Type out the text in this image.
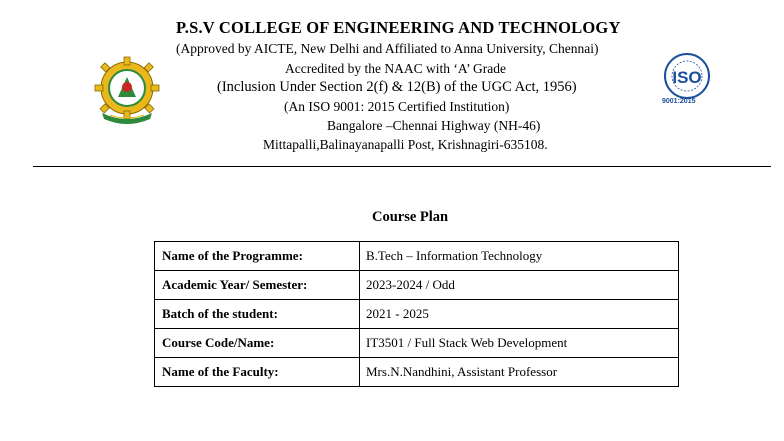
ISO
9001:2015
P.S.V COLLEGE OF ENGINEERING AND TECHNOLOGY
(Approved by AICTE, New Delhi and Affiliated to Anna University, Chennai)
Accredited by the NAAC with ‘A’ Grade
(Inclusion Under Section 2(f) & 12(B) of the UGC Act, 1956)
(An ISO 9001: 2015 Certified Institution)
Bangalore –Chennai Highway (NH-46)
Mittapalli,Balinayanapalli Post, Krishnagiri-635108.
Course Plan
Name of the Programme:	B.Tech – Information Technology
Academic Year/ Semester:	2023-2024 / Odd
Batch of the student:	2021 - 2025
Course Code/Name:	IT3501 / Full Stack Web Development
Name of the Faculty:	Mrs.N.Nandhini, Assistant Professor
